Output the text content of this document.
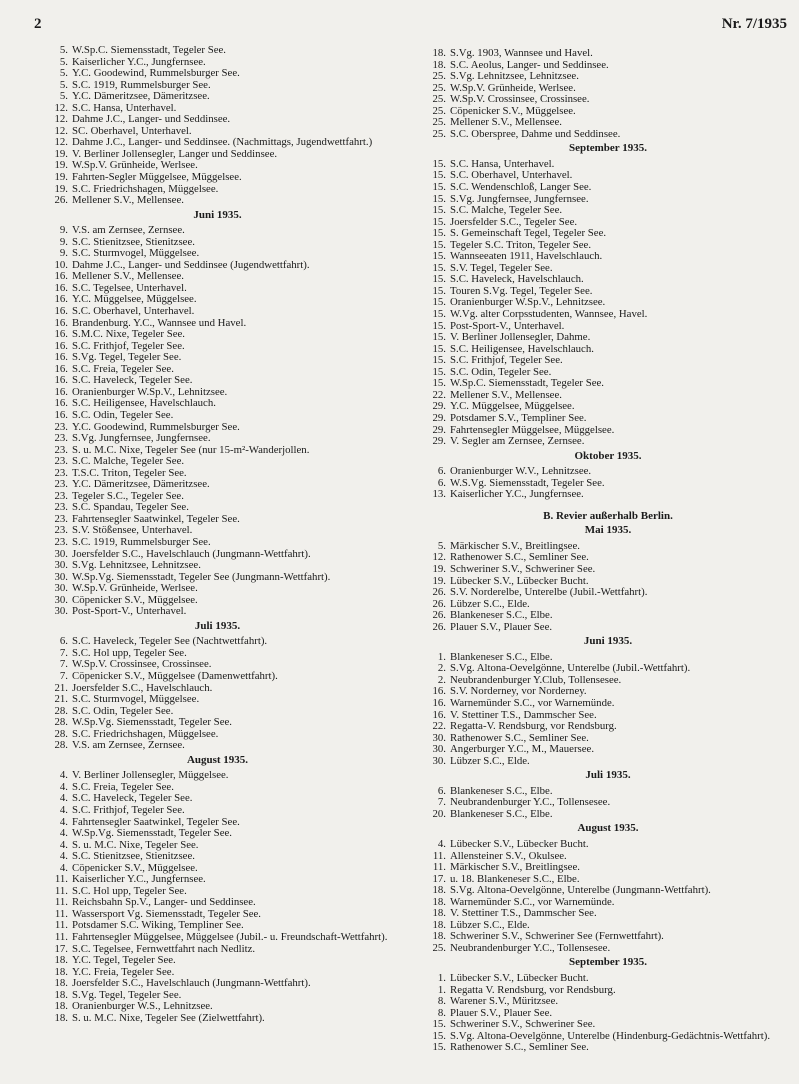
2	Nr. 7/1935
5. W.Sp.C. Siemensstadt, Tegeler See.
5. Kaiserlicher Y.C., Jungfernsee.
5. Y.C. Goodewind, Rummelsburger See.
5. S.C. 1919, Rummelsburger See.
5. Y.C. Dämeritzsee, Dämeritzsee.
12. S.C. Hansa, Unterhavel.
12. Dahme J.C., Langer- und Seddinsee.
12. SC. Oberhavel, Unterhavel.
12. Dahme J.C., Langer- und Seddinsee. (Nachmittags, Jugendwettfahrt.)
19. V. Berliner Jollensegler, Langer und Seddinsee.
19. W.Sp.V. Grünheide, Werlsee.
19. Fahrten-Segler Müggelsee, Müggelsee.
19. S.C. Friedrichshagen, Müggelsee.
26. Mellener S.V., Mellensee.
Juni 1935.
9. V.S. am Zernsee, Zernsee.
9. S.C. Stienitzsee, Stienitzsee.
9. S.C. Sturmvogel, Müggelsee.
10. Dahme J.C., Langer- und Seddinsee (Jugendwettfahrt).
16. Mellener S.V., Mellensee.
16. S.C. Tegelsee, Unterhavel.
16. Y.C. Müggelsee, Müggelsee.
16. S.C. Oberhavel, Unterhavel.
16. Brandenburg. Y.C., Wannsee und Havel.
16. S.M.C. Nixe, Tegeler See.
16. S.C. Frithjof, Tegeler See.
16. S.Vg. Tegel, Tegeler See.
16. S.C. Freia, Tegeler See.
16. S.C. Haveleck, Tegeler See.
16. Oranienburger W.Sp.V., Lehnitzsee.
16. S.C. Heiligensee, Havelschlauch.
16. S.C. Odin, Tegeler See.
23. Y.C. Goodewind, Rummelsburger See.
23. S.Vg. Jungfernsee, Jungfernsee.
23. S. u. M.C. Nixe, Tegeler See (nur 15-m²-Wanderjollen.
23. S.C. Malche, Tegeler See.
23. T.S.C. Triton, Tegeler See.
23. Y.C. Dämeritzsee, Dämeritzsee.
23. Tegeler S.C., Tegeler See.
23. S.C. Spandau, Tegeler See.
23. Fahrtensegler Saatwinkel, Tegeler See.
23. S.V. Stößensee, Unterhavel.
23. S.C. 1919, Rummelsburger See.
30. Joersfelder S.C., Havelschlauch (Jungmann-Wettfahrt).
30. S.Vg. Lehnitzsee, Lehnitzsee.
30. W.Sp.Vg. Siemensstadt, Tegeler See (Jungmann-Wettfahrt).
30. W.Sp.V. Grünheide, Werlsee.
30. Cöpenicker S.V., Müggelsee.
30. Post-Sport-V., Unterhavel.
Juli 1935.
6. S.C. Haveleck, Tegeler See (Nachtwettfahrt).
7. S.C. Hol upp, Tegeler See.
7. W.Sp.V. Crossinsee, Crossinsee.
7. Cöpenicker S.V., Müggelsee (Damenwettfahrt).
21. Joersfelder S.C., Havelschlauch.
21. S.C. Sturmvogel, Müggelsee.
28. S.C. Odin, Tegeler See.
28. W.Sp.Vg. Siemensstadt, Tegeler See.
28. S.C. Friedrichshagen, Müggelsee.
28. V.S. am Zernsee, Zernsee.
August 1935.
4. V. Berliner Jollensegler, Müggelsee.
4. S.C. Freia, Tegeler See.
4. S.C. Haveleck, Tegeler See.
4. S.C. Frithjof, Tegeler See.
4. Fahrtensegler Saatwinkel, Tegeler See.
4. W.Sp.Vg. Siemensstadt, Tegeler See.
4. S. u. M.C. Nixe, Tegeler See.
4. S.C. Stienitzsee, Stienitzsee.
4. Cöpenicker S.V., Müggelsee.
11. Kaiserlicher Y.C., Jungfernsee.
11. S.C. Hol upp, Tegeler See.
11. Reichsbahn Sp.V., Langer- und Seddinsee.
11. Wassersport Vg. Siemensstadt, Tegeler See.
11. Potsdamer S.C. Wiking, Templiner See.
11. Fahrtensegler Müggelsee, Müggelsee (Jubil.- u. Freundschaft-Wettfahrt).
17. S.C. Tegelsee, Fernwettfahrt nach Nedlitz.
18. Y.C. Tegel, Tegeler See.
18. Y.C. Freia, Tegeler See.
18. Joersfelder S.C., Havelschlauch (Jungmann-Wettfahrt).
18. S.Vg. Tegel, Tegeler See.
18. Oranienburger W.S., Lehnitzsee.
18. S. u. M.C. Nixe, Tegeler See (Zielwettfahrt).
18. S.Vg. 1903, Wannsee und Havel.
18. S.C. Aeolus, Langer- und Seddinsee.
25. S.Vg. Lehnitzsee, Lehnitzsee.
25. W.Sp.V. Grünheide, Werlsee.
25. W.Sp.V. Crossinsee, Crossinsee.
25. Cöpenicker S.V., Müggelsee.
25. Mellener S.V., Mellensee.
25. S.C. Oberspree, Dahme und Seddinsee.
September 1935.
15. S.C. Hansa, Unterhavel.
15. S.C. Oberhavel, Unterhavel.
15. S.C. Wendenschloß, Langer See.
15. S.Vg. Jungfernsee, Jungfernsee.
15. S.C. Malche, Tegeler See.
15. Joersfelder S.C., Tegeler See.
15. S. Gemeinschaft Tegel, Tegeler See.
15. Tegeler S.C. Triton, Tegeler See.
15. Wannseeaten 1911, Havelschlauch.
15. S.V. Tegel, Tegeler See.
15. S.C. Haveleck, Havelschlauch.
15. Touren S.Vg. Tegel, Tegeler See.
15. Oranienburger W.Sp.V., Lehnitzsee.
15. W.Vg. alter Corpsstudenten, Wannsee, Havel.
15. Post-Sport-V., Unterhavel.
15. V. Berliner Jollensegler, Dahme.
15. S.C. Heiligensee, Havelschlauch.
15. S.C. Frithjof, Tegeler See.
15. S.C. Odin, Tegeler See.
15. W.Sp.C. Siemensstadt, Tegeler See.
22. Mellener S.V., Mellensee.
29. Y.C. Müggelsee, Müggelsee.
29. Potsdamer S.V., Templiner See.
29. Fahrtensegler Müggelsee, Müggelsee.
29. V. Segler am Zernsee, Zernsee.
Oktober 1935.
6. Oranienburger W.V., Lehnitzsee.
6. W.S.Vg. Siemensstadt, Tegeler See.
13. Kaiserlicher Y.C., Jungfernsee.
B. Revier außerhalb Berlin.
Mai 1935.
5. Märkischer S.V., Breitlingsee.
12. Rathenower S.C., Semliner See.
19. Schweriner S.V., Schweriner See.
19. Lübecker S.V., Lübecker Bucht.
26. S.V. Norderelbe, Unterelbe (Jubil.-Wettfahrt).
26. Lübzer S.C., Elde.
26. Blankeneser S.C., Elbe.
26. Plauer S.V., Plauer See.
Juni 1935.
1. Blankeneser S.C., Elbe.
2. S.Vg. Altona-Oevelgönne, Unterelbe (Jubil.-Wettfahrt).
2. Neubrandenburger Y.Club, Tollensesee.
16. S.V. Norderney, vor Norderney.
16. Warnemünder S.C., vor Warnemünde.
16. V. Stettiner T.S., Dammscher See.
22. Regatta-V. Rendsburg, vor Rendsburg.
30. Rathenower S.C., Semliner See.
30. Angerburger Y.C., M., Mauersee.
30. Lübzer S.C., Elde.
Juli 1935.
6. Blankeneser S.C., Elbe.
7. Neubrandenburger Y.C., Tollensesee.
20. Blankeneser S.C., Elbe.
August 1935.
4. Lübecker S.V., Lübecker Bucht.
11. Allensteiner S.V., Okulsee.
11. Märkischer S.V., Breitlingsee.
17. u. 18. Blankeneser S.C., Elbe.
18. S.Vg. Altona-Oevelgönne, Unterelbe (Jungmann-Wettfahrt).
18. Warnemünder S.C., vor Warnemünde.
18. V. Stettiner T.S., Dammscher See.
18. Lübzer S.C., Elde.
18. Schweriner S.V., Schweriner See (Fernwettfahrt).
25. Neubrandenburger Y.C., Tollensesee.
September 1935.
1. Lübecker S.V., Lübecker Bucht.
1. Regatta V. Rendsburg, vor Rendsburg.
8. Warener S.V., Müritzsee.
8. Plauer S.V., Plauer See.
15. Schweriner S.V., Schweriner See.
15. S.Vg. Altona-Oevelgönne, Unterelbe (Hindenburg-Gedächtnis-Wettfahrt).
15. Rathenower S.C., Semliner See.
